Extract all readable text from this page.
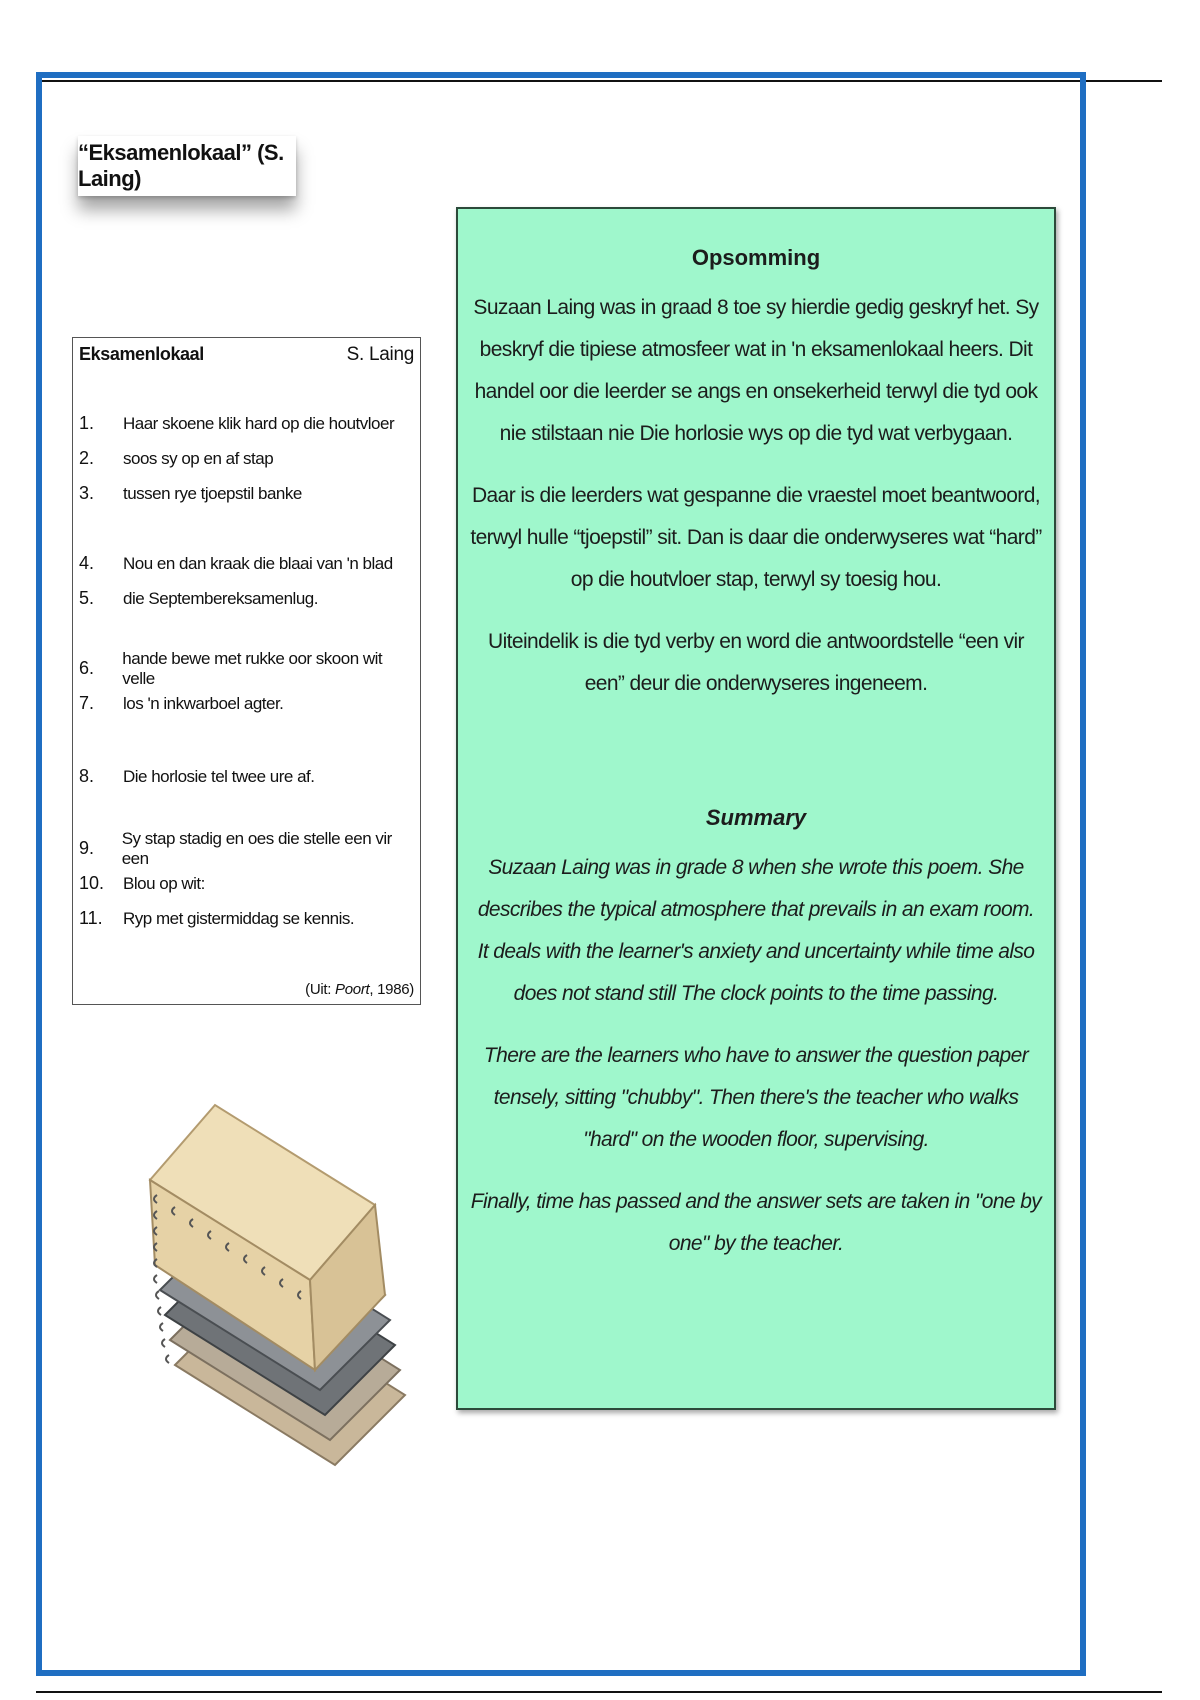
“Eksamenlokaal” (S. Laing)
Eksamenlokaal	S. Laing
1.	Haar skoene klik hard op die houtvloer
2.	soos sy op en af stap
3.	tussen rye tjoepstil banke
4.	Nou en dan kraak die blaai van 'n blad
5.	die Septembereksamenlug.
6.	hande bewe met rukke oor skoon wit velle
7.	los 'n inkwarboel agter.
8.	Die horlosie tel twee ure af.
9.	Sy stap stadig en oes die stelle een vir een
10.	Blou op wit:
11.	Ryp met gistermiddag se kennis.
(Uit: Poort, 1986)

Opsomming

Suzaan Laing was in graad 8 toe sy hierdie gedig geskryf het. Sy beskryf die tipiese atmosfeer wat in 'n eksamenlokaal heers. Dit handel oor die leerder se angs en onsekerheid terwyl die tyd ook nie stilstaan nie Die horlosie wys op die tyd wat verbygaan.

Daar is die leerders wat gespanne die vraestel moet beantwoord, terwyl hulle “tjoepstil” sit. Dan is daar die onderwyseres wat “hard” op die houtvloer stap, terwyl sy toesig hou.

Uiteindelik is die tyd verby en word die antwoordstelle “een vir een” deur die onderwyseres ingeneem.

Summary

Suzaan Laing was in grade 8 when she wrote this poem. She describes the typical atmosphere that prevails in an exam room. It deals with the learner's anxiety and uncertainty while time also does not stand still The clock points to the time passing.

There are the learners who have to answer the question paper tensely, sitting "chubby". Then there's the teacher who walks "hard" on the wooden floor, supervising.

Finally, time has passed and the answer sets are taken in "one by one" by the teacher.
